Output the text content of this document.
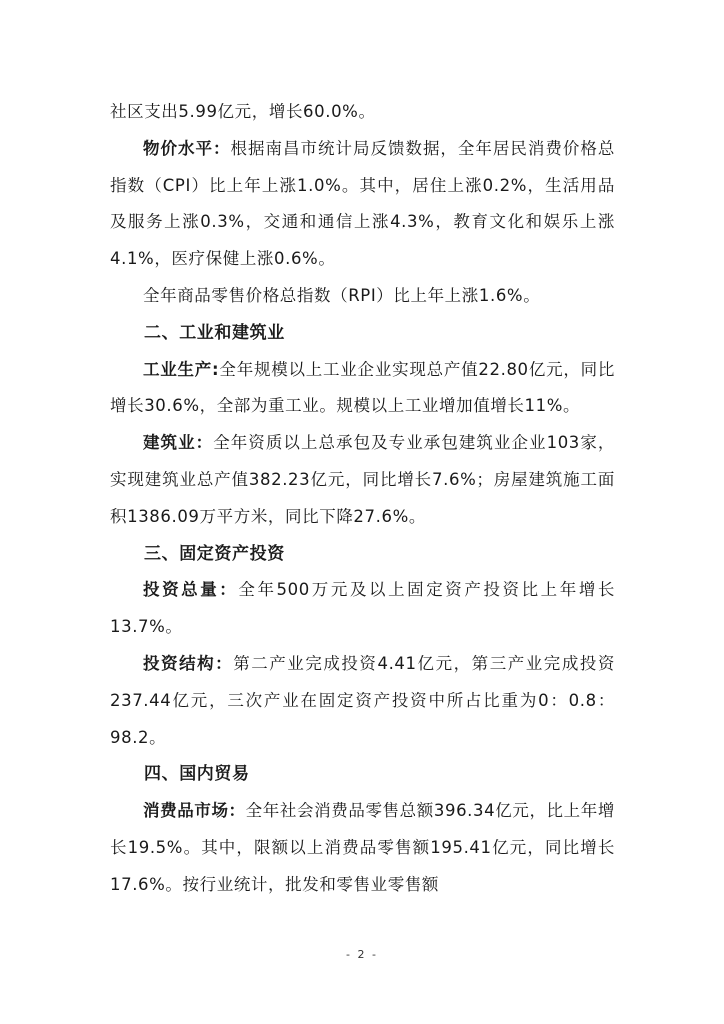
社区支出5.99亿元，增长60.0%。

物价水平：根据南昌市统计局反馈数据，全年居民消费价格总指数（CPI）比上年上涨1.0%。其中，居住上涨0.2%，生活用品及服务上涨0.3%，交通和通信上涨4.3%，教育文化和娱乐上涨4.1%，医疗保健上涨0.6%。

全年商品零售价格总指数（RPI）比上年上涨1.6%。

二、工业和建筑业

工业生产:全年规模以上工业企业实现总产值22.80亿元，同比增长30.6%，全部为重工业。规模以上工业增加值增长11%。

建筑业：全年资质以上总承包及专业承包建筑业企业103家，实现建筑业总产值382.23亿元，同比增长7.6%；房屋建筑施工面积1386.09万平方米，同比下降27.6%。

三、固定资产投资

投资总量：全年500万元及以上固定资产投资比上年增长13.7%。

投资结构：第二产业完成投资4.41亿元，第三产业完成投资237.44亿元，三次产业在固定资产投资中所占比重为0：0.8：98.2。

四、国内贸易

消费品市场：全年社会消费品零售总额396.34亿元，比上年增长19.5%。其中，限额以上消费品零售额195.41亿元，同比增长17.6%。按行业统计，批发和零售业零售额

- 2 -
